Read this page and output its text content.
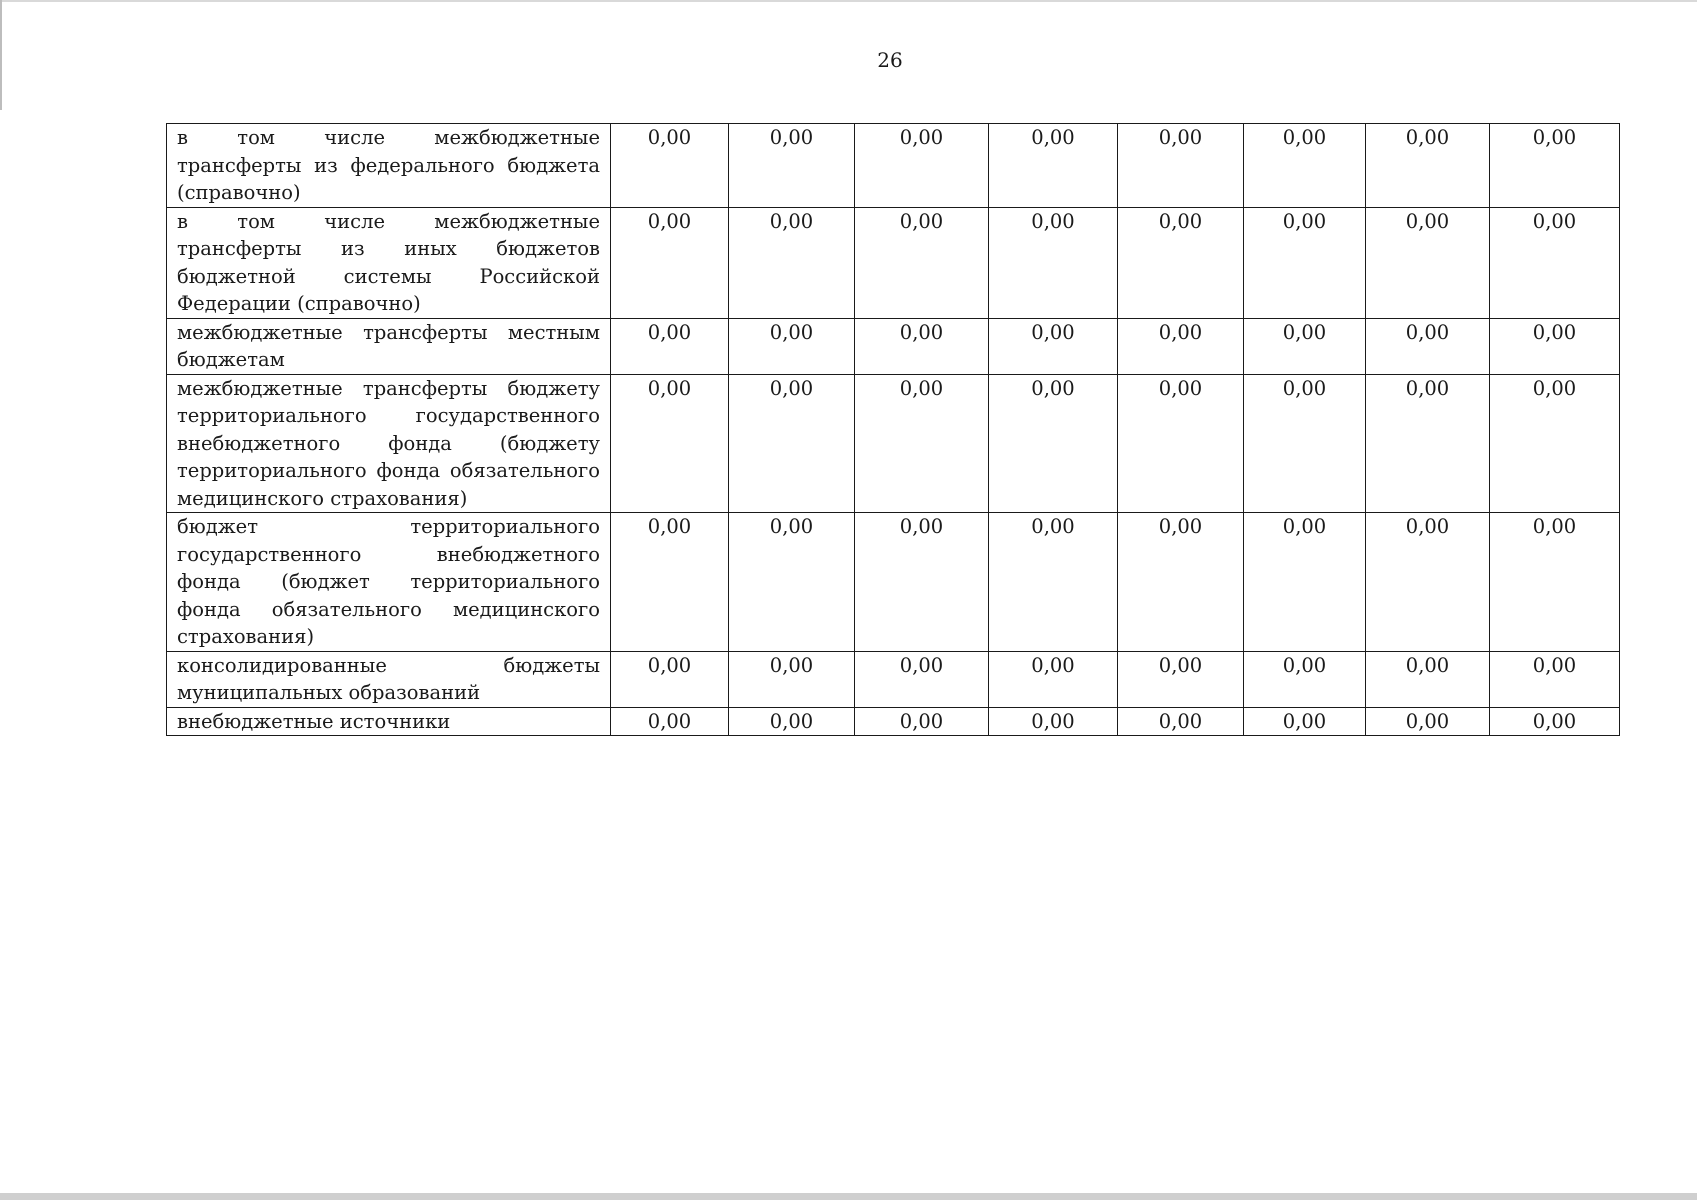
26
в том числе межбюджетные трансферты из федерального бюджета (справочно)	0,00	0,00	0,00	0,00	0,00	0,00	0,00	0,00
в том числе межбюджетные трансферты из иных бюджетов бюджетной системы Российской Федерации (справочно)	0,00	0,00	0,00	0,00	0,00	0,00	0,00	0,00
межбюджетные трансферты местным бюджетам	0,00	0,00	0,00	0,00	0,00	0,00	0,00	0,00
межбюджетные трансферты бюджету территориального государственного внебюджетного фонда (бюджету территориального фонда обязательного медицинского страхования)	0,00	0,00	0,00	0,00	0,00	0,00	0,00	0,00
бюджет территориального государственного внебюджетного фонда (бюджет территориального фонда обязательного медицинского страхования)	0,00	0,00	0,00	0,00	0,00	0,00	0,00	0,00
консолидированные бюджеты муниципальных образований	0,00	0,00	0,00	0,00	0,00	0,00	0,00	0,00
внебюджетные источники	0,00	0,00	0,00	0,00	0,00	0,00	0,00	0,00
